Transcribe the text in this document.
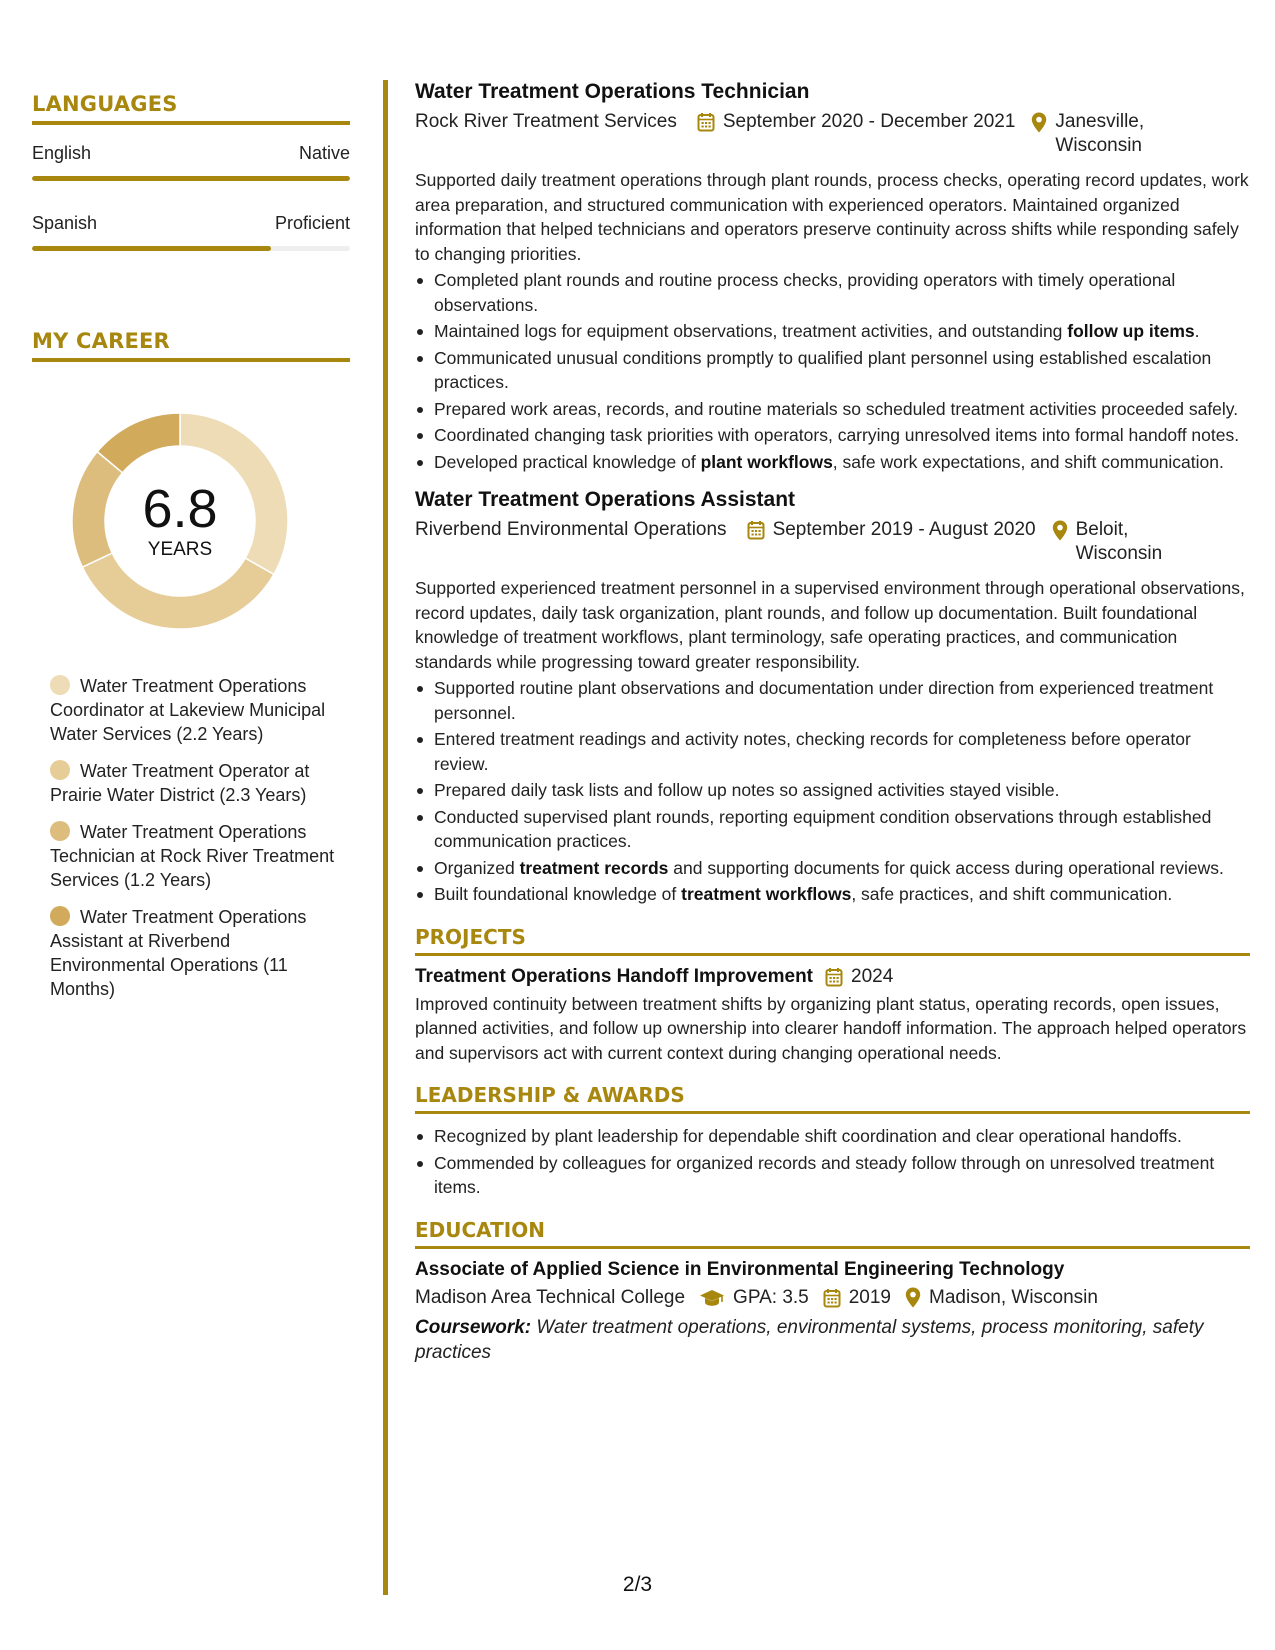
LANGUAGES
English	Native
Spanish	Proficient
MY CAREER
6.8
YEARS
Water Treatment Operations Coordinator at Lakeview Municipal Water Services (2.2 Years)
Water Treatment Operator at Prairie Water District (2.3 Years)
Water Treatment Operations Technician at Rock River Treatment Services (1.2 Years)
Water Treatment Operations Assistant at Riverbend Environmental Operations (11 Months)
Water Treatment Operations Technician
Rock River Treatment Services September 2020 - December 2021 Janesville,
Wisconsin
Supported daily treatment operations through plant rounds, process checks, operating record updates, work area preparation, and structured communication with experienced operators. Maintained organized information that helped technicians and operators preserve continuity across shifts while responding safely to changing priorities.
Completed plant rounds and routine process checks, providing operators with timely operational observations.
Maintained logs for equipment observations, treatment activities, and outstanding follow up items.
Communicated unusual conditions promptly to qualified plant personnel using established escalation practices.
Prepared work areas, records, and routine materials so scheduled treatment activities proceeded safely.
Coordinated changing task priorities with operators, carrying unresolved items into formal handoff notes.
Developed practical knowledge of plant workflows, safe work expectations, and shift communication.
Water Treatment Operations Assistant
Riverbend Environmental Operations September 2019 - August 2020 Beloit,
Wisconsin
Supported experienced treatment personnel in a supervised environment through operational observations, record updates, daily task organization, plant rounds, and follow up documentation. Built foundational knowledge of treatment workflows, plant terminology, safe operating practices, and communication standards while progressing toward greater responsibility.
Supported routine plant observations and documentation under direction from experienced treatment personnel.
Entered treatment readings and activity notes, checking records for completeness before operator review.
Prepared daily task lists and follow up notes so assigned activities stayed visible.
Conducted supervised plant rounds, reporting equipment condition observations through established communication practices.
Organized treatment records and supporting documents for quick access during operational reviews.
Built foundational knowledge of treatment workflows, safe practices, and shift communication.
PROJECTS
Treatment Operations Handoff Improvement 2024
Improved continuity between treatment shifts by organizing plant status, operating records, open issues, planned activities, and follow up ownership into clearer handoff information. The approach helped operators and supervisors act with current context during changing operational needs.
LEADERSHIP & AWARDS
Recognized by plant leadership for dependable shift coordination and clear operational handoffs.
Commended by colleagues for organized records and steady follow through on unresolved treatment items.
EDUCATION
Associate of Applied Science in Environmental Engineering Technology
Madison Area Technical College	GPA: 3.5 2019 Madison, Wisconsin
Coursework: Water treatment operations, environmental systems, process monitoring, safety practices
2/3
